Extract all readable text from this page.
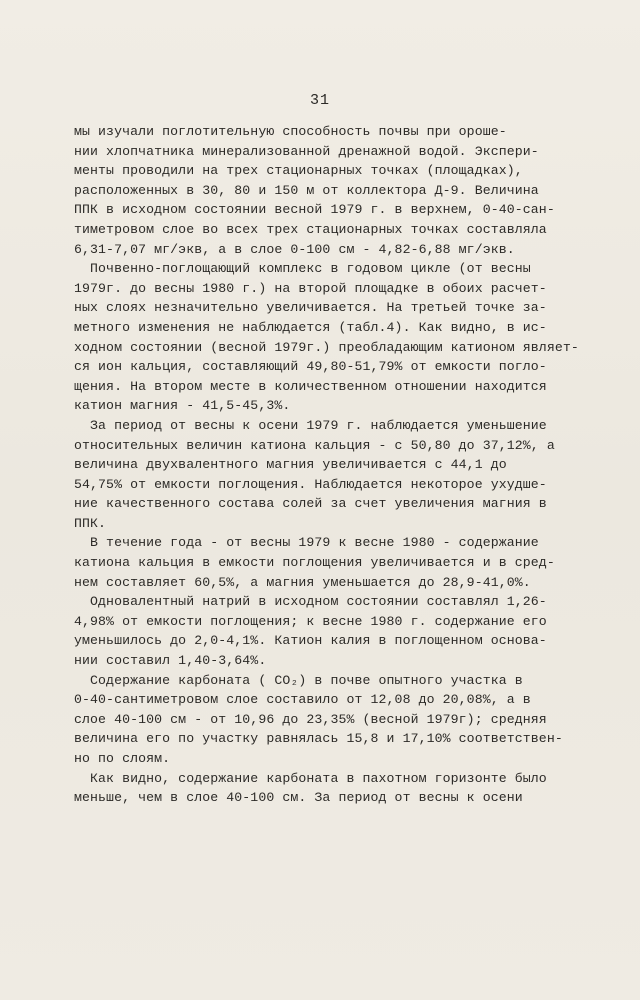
31
мы изучали поглотительную способность почвы при ороше-
нии хлопчатника минерализованной дренажной водой. Экспери-
менты проводили на трех стационарных точках (площадках),
расположенных в 30, 80 и 150 м от коллектора Д-9. Величина
ППК в исходном состоянии весной 1979 г. в верхнем, 0-40-сан-
тиметровом слое во всех трех стационарных точках составляла
6,31-7,07 мг/экв, а в слое 0-100 см - 4,82-6,88 мг/экв.
Почвенно-поглощающий комплекс в годовом цикле (от весны
1979г. до весны 1980 г.) на второй площадке в обоих расчет-
ных слоях незначительно увеличивается. На третьей точке за-
метного изменения не наблюдается (табл.4). Как видно, в ис-
ходном состоянии (весной 1979г.) преобладающим катионом являет-
ся ион кальция, составляющий 49,80-51,79% от емкости погло-
щения. На втором месте в количественном отношении находится
катион магния - 41,5-45,3%.
За период от весны к осени 1979 г. наблюдается уменьшение
относительных величин катиона кальция - с 50,80 до 37,12%, а
величина двухвалентного магния увеличивается с 44,1 до
54,75% от емкости поглощения. Наблюдается некоторое ухудше-
ние качественного состава солей за счет увеличения магния в
ППК.
В течение года - от весны 1979 к весне 1980 - содержание
катиона кальция в емкости поглощения увеличивается и в сред-
нем составляет 60,5%, а магния уменьшается до 28,9-41,0%.
Одновалентный натрий в исходном состоянии составлял 1,26-
4,98% от емкости поглощения; к весне 1980 г. содержание его
уменьшилось до 2,0-4,1%. Катион калия в поглощенном основа-
нии составил 1,40-3,64%.
Содержание карбоната ( CO₂) в почве опытного участка в
0-40-сантиметровом слое составило от 12,08 до 20,08%, а в
слое 40-100 см - от 10,96 до 23,35% (весной 1979г); средняя
величина его по участку равнялась 15,8 и 17,10% соответствен-
но по слоям.
Как видно, содержание карбоната в пахотном горизонте было
меньше, чем в слое 40-100 см. За период от весны к осени
